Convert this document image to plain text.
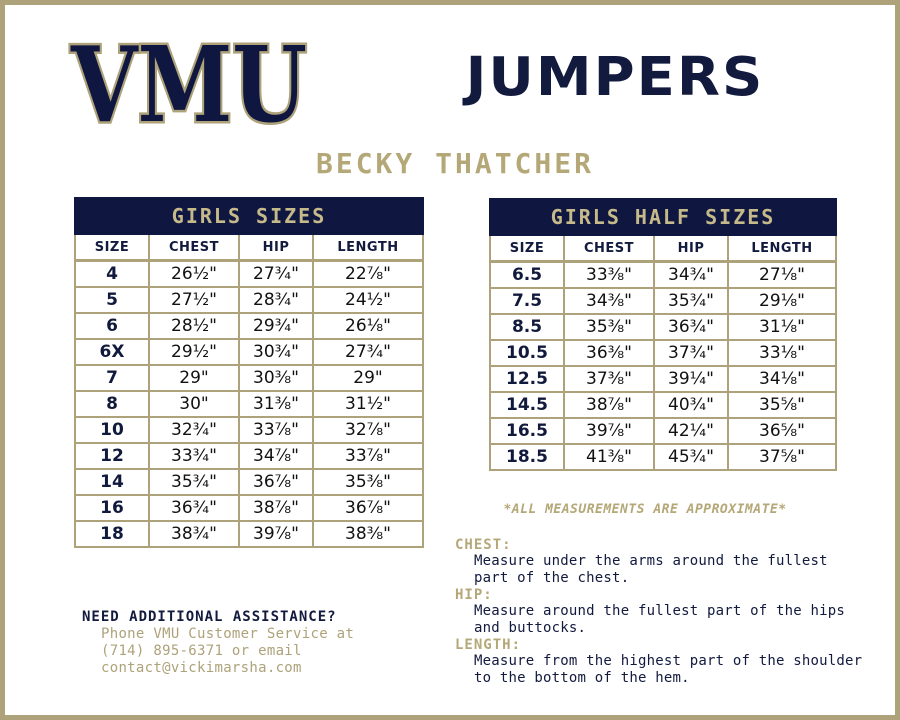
VMU	JUMPERS
BECKY THATCHER
GIRLS SIZES			
SIZE	CHEST	HIP	LENGTH
4	26½"	27¾"	22⅞"
5	27½"	28¾"	24½"
6	28½"	29¾"	26⅛"
6X	29½"	30¾"	27¾"
7	29"	30⅜"	29"
8	30"	31⅜"	31½"
10	32¾"	33⅞"	32⅞"
12	33¾"	34⅞"	33⅞"
14	35¾"	36⅞"	35⅜"
16	36¾"	38⅞"	36⅞"
18	38¾"	39⅞"	38⅜"
GIRLS HALF SIZES			
SIZE	CHEST	HIP	LENGTH
6.5	33⅜"	34¾"	27⅛"
7.5	34⅜"	35¾"	29⅛"
8.5	35⅜"	36¾"	31⅛"
10.5	36⅜"	37¾"	33⅛"
12.5	37⅜"	39¼"	34⅛"
14.5	38⅞"	40¾"	35⅝"
16.5	39⅞"	42¼"	36⅝"
18.5	41⅜"	45¾"	37⅝"
*ALL MEASUREMENTS ARE APPROXIMATE*
CHEST:
Measure under the arms around the fullest
part of the chest.
HIP:
Measure around the fullest part of the hips
and buttocks.
LENGTH:
Measure from the highest part of the shoulder
to the bottom of the hem.
NEED ADDITIONAL ASSISTANCE?
Phone VMU Customer Service at
(714) 895-6371 or email
contact@vickimarsha.com
